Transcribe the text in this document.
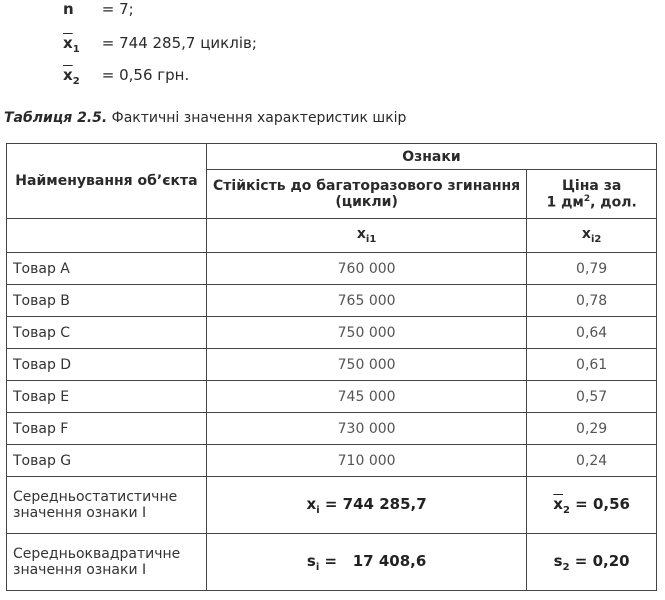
n = 7;
$\overline{x}_1 = 744$ 285,7 циклів;
$\overline{x}_2 = 0,56$ грн.
Таблиця 2.5. Фактичні значення характеристик шкір
Найменування об’єкта	Ознаки	
	Стійкість до багаторазового згинання (цикли)	Ціна за
1 $дм^2$, дол.
	$x_{i1}$	$x_{i2}$
Товар A	760 000	0,79
Товар B	765 000	0,78
Товар C	750 000	0,64
Товар D	750 000	0,61
Товар E	745 000	0,57
Товар F	730 000	0,29
Товар G	710 000	0,24
Середньостатистичне
значення ознаки I	$x_i = 744$ 285,7	$\overline{x}_2 = 0,56$
Середньоквадратичне
значення ознаки I	$s_i = 17$ 408,6	$s_2 = 0,20$
